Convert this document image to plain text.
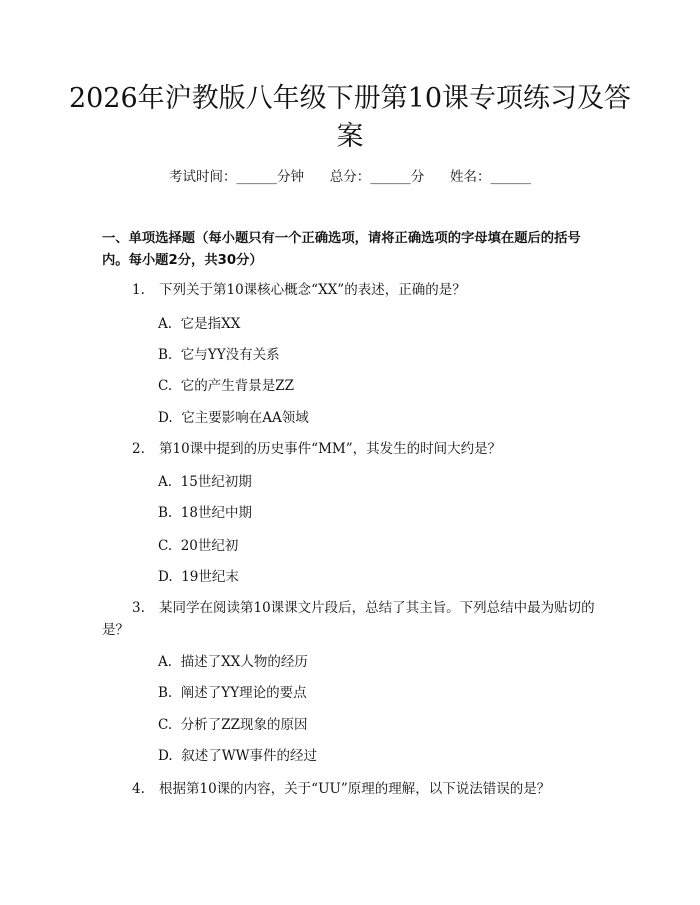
2026年沪教版八年级下册第10课专项练习及答案
考试时间：______分钟      总分：______分      姓名：______

一、单项选择题（每小题只有一个正确选项，请将正确选项的字母填在题后的括号内。每小题2分，共30分）

1. 下列关于第10课核心概念“XX”的表述，正确的是？

A.  它是指XX
B.  它与YY没有关系
C.  它的产生背景是ZZ
D.  它主要影响在AA领域

2. 第10课中提到的历史事件“MM”，其发生的时间大约是？

A.  15世纪初期
B.  18世纪中期
C.  20世纪初
D.  19世纪末

3. 某同学在阅读第10课课文片段后，总结了其主旨。下列总结中最为贴切的是？

A.  描述了XX人物的经历
B.  阐述了YY理论的要点
C.  分析了ZZ现象的原因
D.  叙述了WW事件的经过

4. 根据第10课的内容，关于“UU”原理的理解，以下说法错误的是？
